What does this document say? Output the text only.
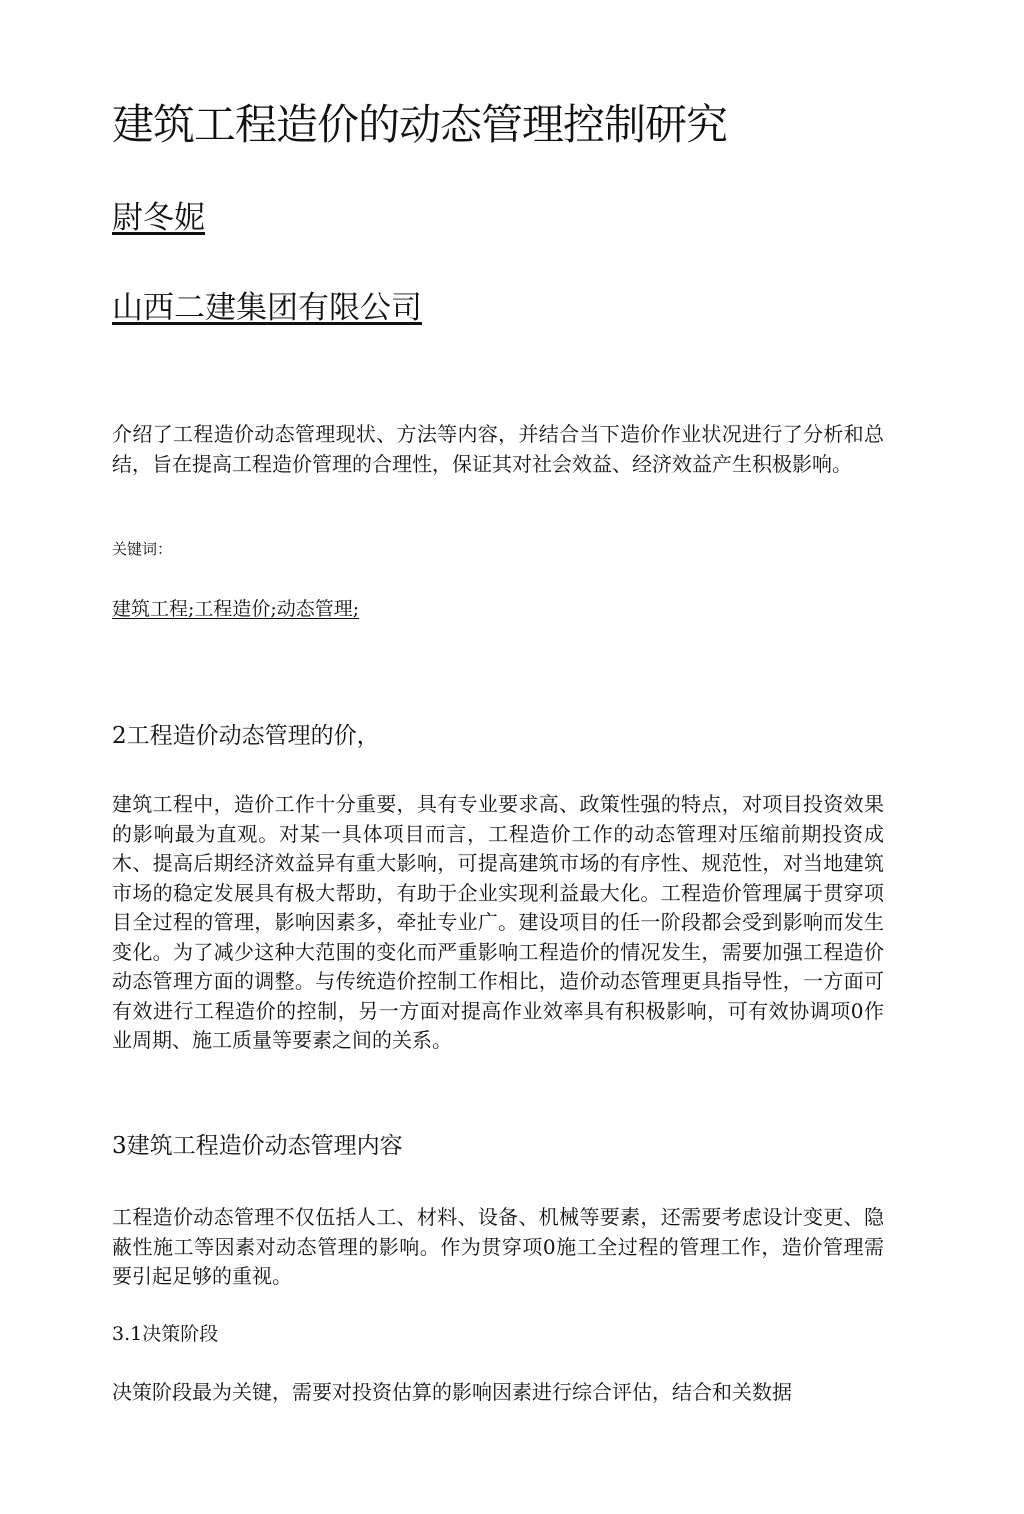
建筑工程造价的动态管理控制研究
尉冬妮
山西二建集团有限公司

介绍了工程造价动态管理现状、方法等内容，并结合当下造价作业状况进行了分析和总结，旨在提高工程造价管理的合理性，保证其对社会效益、经济效益产生积极影响。

关键词：
建筑工程;工程造价;动态管理;
2工程造价动态管理的价，

建筑工程中，造价工作十分重要，具有专业要求高、政策性强的特点，对项目投资效果的影响最为直观。对某一具体项目而言，工程造价工作的动态管理对压缩前期投资成木、提高后期经济效益异有重大影响，可提高建筑市场的有序性、规范性，对当地建筑市场的稳定发展具有极大帮助，有助于企业实现利益最大化。工程造价管理属于贯穿项目全过程的管理，影响因素多，牵扯专业广。建设项目的任一阶段都会受到影响而发生变化。为了减少这种大范围的变化而严重影响工程造价的情况发生，需要加强工程造价动态管理方面的调整。与传统造价控制工作相比，造价动态管理更具指导性，一方面可有效进行工程造价的控制，另一方面对提高作业效率具有积极影响，可有效协调项0作业周期、施工质量等要素之间的关系。

3建筑工程造价动态管理内容

工程造价动态管理不仅伍括人工、材料、设备、机械等要素，还需要考虑设计变更、隐蔽性施工等因素对动态管理的影响。作为贯穿项0施工全过程的管理工作，造价管理需要引起足够的重视。

3.1决策阶段

决策阶段最为关键，需要对投资估算的影响因素进行综合评估，结合和关数据
